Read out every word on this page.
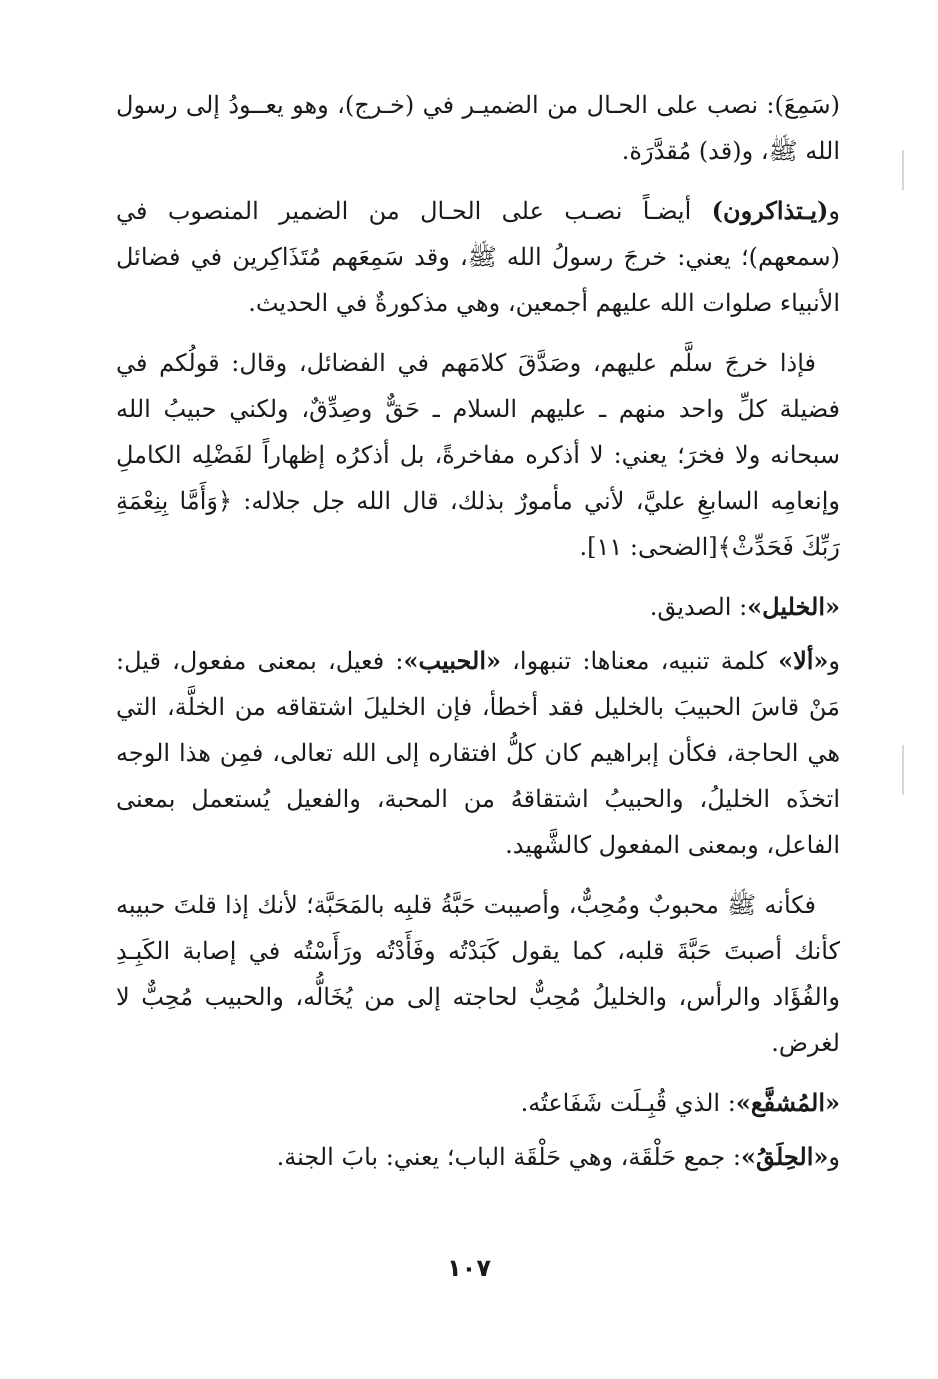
(سَمِعَ): نصب على الحـال من الضميـر في (خـرج)، وهو يعــودُ إلى رسول الله ﷺ، و(قد) مُقدَّرَة.

و(يـتذاكرون) أيضـاً نصـب على الحـال من الضمير المنصوب في (سمعهم)؛ يعني: خرجَ رسولُ الله ﷺ، وقد سَمِعَهم مُتَذَاكِرين في فضائل الأنبياء صلوات الله عليهم أجمعين، وهي مذكورةٌ في الحديث.

فإذا خرجَ سلَّم عليهم، وصَدَّقَ كلامَهم في الفضائل، وقال: قولُكم في فضيلة كلِّ واحد منهم ـ عليهم السلام ـ حَقٌّ وصِدِّقٌ، ولكني حبيبُ الله سبحانه ولا فخرَ؛ يعني: لا أذكره مفاخرةً، بل أذكرُه إظهاراً لفَضْلِه الكاملِ وإنعامِه السابغِ عليَّ، لأني مأمورٌ بذلك، قال الله جل جلاله: ﴿وَأَمَّا بِنِعْمَةِ رَبِّكَ فَحَدِّثْ﴾[الضحى: ١١].

«الخليل»: الصديق.

و«ألا» كلمة تنبيه، معناها: تنبهوا، «الحبيب»: فعيل، بمعنى مفعول، قيل: مَنْ قاسَ الحبيبَ بالخليل فقد أخطأ، فإن الخليلَ اشتقاقه من الخلَّة، التي هي الحاجة، فكأن إبراهيم كان كلُّ افتقاره إلى الله تعالى، فمِن هذا الوجه اتخذَه الخليلُ، والحبيبُ اشتقاقهُ من المحبة، والفعيل يُستعمل بمعنى الفاعل، وبمعنى المفعول كالشَّهيد.

فكأنه ﷺ محبوبٌ ومُحِبٌّ، وأصيبت حَبَّةُ قلبِه بالمَحَبَّة؛ لأنك إذا قلتَ حبيبه كأنك أصبتَ حَبَّةَ قلبه، كما يقول كَبَدْتُه وفَأَدْتُه ورَأَسْتُه في إصابة الكَبِـدِ والفُؤَاد والرأس، والخليلُ مُحِبٌّ لحاجته إلى من يُخَالُّه، والحبيب مُحِبٌّ لا لغرض.

«المُشفَّع»: الذي قُبِـلَت شَفَاعتُه.

و«الحِلَقُ»: جمع حَلْقَة، وهي حَلْقَة الباب؛ يعني: بابَ الجنة.

١٠٧
